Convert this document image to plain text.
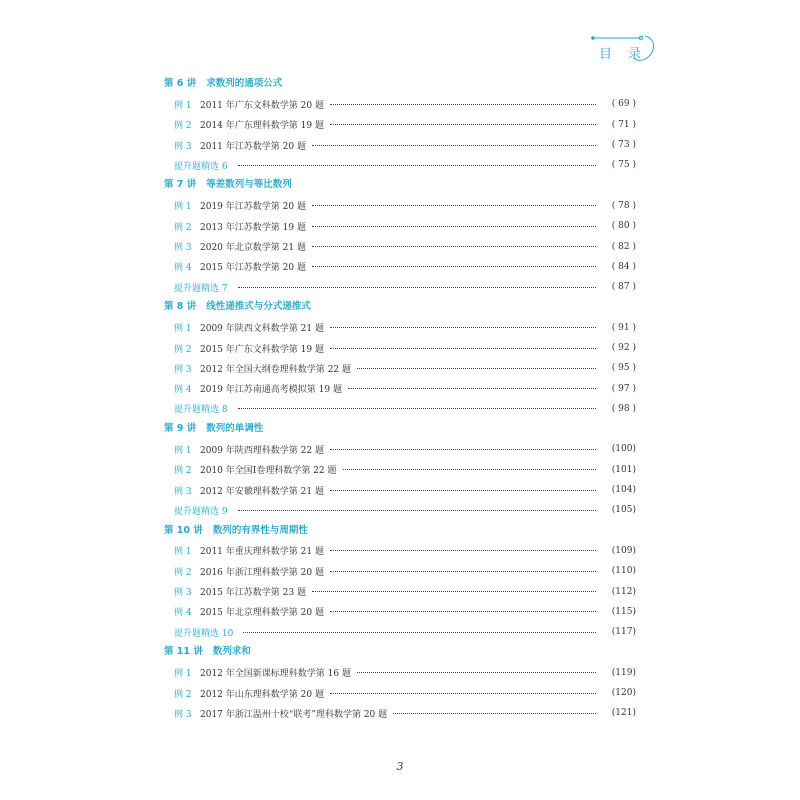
目 录
第 6 讲 求数列的通项公式
例 1 2011 年广东文科数学第 20 题	( 69 )
例 2 2014 年广东理科数学第 19 题	( 71 )
例 3 2011 年江苏数学第 20 题	( 73 )
提升题精选 6	( 75 )
第 7 讲 等差数列与等比数列
例 1 2019 年江苏数学第 20 题	( 78 )
例 2 2013 年江苏数学第 19 题	( 80 )
例 3 2020 年北京数学第 21 题	( 82 )
例 4 2015 年江苏数学第 20 题	( 84 )
提升题精选 7	( 87 )
第 8 讲 线性递推式与分式递推式
例 1 2009 年陕西文科数学第 21 题	( 91 )
例 2 2015 年广东文科数学第 19 题	( 92 )
例 3 2012 年全国大纲卷理科数学第 22 题	( 95 )
例 4 2019 年江苏南通高考模拟第 19 题	( 97 )
提升题精选 8	( 98 )
第 9 讲 数列的单调性
例 1 2009 年陕西理科数学第 22 题	(100)
例 2 2010 年全国Ⅰ卷理科数学第 22 题	(101)
例 3 2012 年安徽理科数学第 21 题	(104)
提升题精选 9	(105)
第 10 讲 数列的有界性与周期性
例 1 2011 年重庆理科数学第 21 题	(109)
例 2 2016 年浙江理科数学第 20 题	(110)
例 3 2015 年江苏数学第 23 题	(112)
例 4 2015 年北京理科数学第 20 题	(115)
提升题精选 10	(117)
第 11 讲 数列求和
例 1 2012 年全国新课标理科数学第 16 题	(119)
例 2 2012 年山东理科数学第 20 题	(120)
例 3 2017 年浙江温州十校“联考”理科数学第 20 题	(121)
3
